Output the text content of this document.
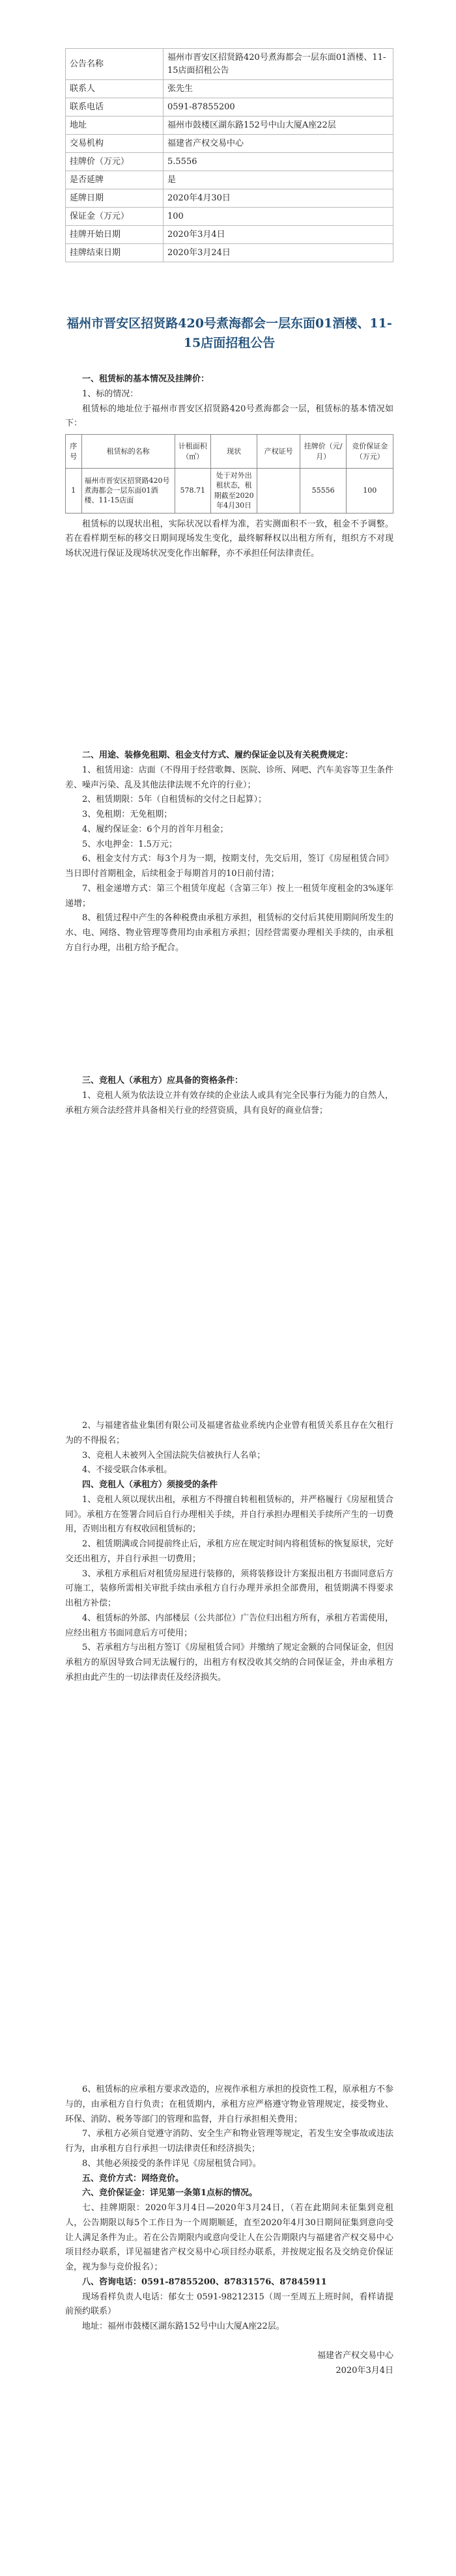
公告名称	福州市晋安区招贤路420号煮海都会一层东面01酒楼、11-15店面招租公告
联系人	张先生
联系电话	0591-87855200
地址	福州市鼓楼区湖东路152号中山大厦A座22层
交易机构	福建省产权交易中心
挂牌价（万元）	5.5556
是否延牌	是
延牌日期	2020年4月30日
保证金（万元）	100
挂牌开始日期	2020年3月4日
挂牌结束日期	2020年3月24日
福州市晋安区招贤路420号煮海都会一层东面01酒楼、11-15店面招租公告

一、租赁标的基本情况及挂牌价：

1、标的情况：

租赁标的地址位于福州市晋安区招贤路420号煮海都会一层，租赁标的基本情况如下：

序号	租赁标的名称	计租面积（㎡）	现状	产权证号	挂牌价（元/月）	竞价保证金（万元）
1	福州市晋安区招贤路420号煮海都会一层东面01酒楼、11-15店面	578.71	处于对外出租状态，租期截至2020年4月30日		55556	100

租赁标的以现状出租，实际状况以看样为准，若实测面积不一致，租金不予调整。若在看样期至标的移交日期间现场发生变化，最终解释权以出租方所有，组织方不对现场状况进行保证及现场状况变化作出解释，亦不承担任何法律责任。

二、用途、装修免租期、租金支付方式、履约保证金以及有关税费规定：

1、租赁用途：店面（不得用于经营歌舞、医院、诊所、网吧、汽车美容等卫生条件差、噪声污染、乱及其他法律法规不允许的行业）；

2、租赁期限：5年（自租赁标的交付之日起算）；

3、免租期：无免租期；

4、履约保证金：6个月的首年月租金；

5、水电押金：1.5万元；

6、租金支付方式：每3个月为一期，按期支付，先交后用，签订《房屋租赁合同》当日即付首期租金，后续租金于每期首月的10日前付清；

7、租金递增方式：第三个租赁年度起（含第三年）按上一租赁年度租金的3%逐年递增；

8、租赁过程中产生的各种税费由承租方承担，租赁标的交付后其使用期间所发生的水、电、网络、物业管理等费用均由承租方承担；因经营需要办理相关手续的，由承租方自行办理，出租方给予配合。

三、竞租人（承租方）应具备的资格条件：

1、竞租人须为依法设立并有效存续的企业法人或具有完全民事行为能力的自然人，承租方须合法经营并具备相关行业的经营资质，具有良好的商业信誉；

2、与福建省盐业集团有限公司及福建省盐业系统内企业曾有租赁关系且存在欠租行为的不得报名；

3、竞租人未被列入全国法院失信被执行人名单；

4、不接受联合体承租。

四、竞租人（承租方）须接受的条件

1、竞租人须以现状出租，承租方不得擅自转租租赁标的，并严格履行《房屋租赁合同》。承租方在签署合同后自行办理相关手续，并自行承担办理相关手续所产生的一切费用，否则出租方有权收回租赁标的；

2、租赁期满或合同提前终止后，承租方应在规定时间内将租赁标的恢复原状，完好交还出租方，并自行承担一切费用；

3、承租方承租后对租赁房屋进行装修的，须将装修设计方案报出租方书面同意后方可施工，装修所需相关审批手续由承租方自行办理并承担全部费用，租赁期满不得要求出租方补偿；

4、租赁标的外部、内部楼层（公共部位）广告位归出租方所有，承租方若需使用，应经出租方书面同意后方可使用；

5、若承租方与出租方签订《房屋租赁合同》并缴纳了规定金额的合同保证金，但因承租方的原因导致合同无法履行的，出租方有权没收其交纳的合同保证金，并由承租方承担由此产生的一切法律责任及经济损失。

6、租赁标的应承租方要求改造的，应视作承租方承担的投资性工程，原承租方不参与的，由承租方自行负责；在租赁期内，承租方应严格遵守物业管理规定，接受物业、环保、消防、税务等部门的管理和监督，并自行承担相关费用；

7、承租方必须自觉遵守消防、安全生产和物业管理等规定，若发生安全事故或违法行为，由承租方自行承担一切法律责任和经济损失；

8、其他必须接受的条件详见《房屋租赁合同》。

五、竞价方式：网络竞价。

六、竞价保证金：详见第一条第1点标的情况。

七、挂牌期限：2020年3月4日—2020年3月24日，（若在此期间未征集到竞租人，公告期限以每5个工作日为一个周期顺延，直至2020年4月30日期间征集到意向受让人满足条件为止。若在公告期限内或意向受让人在公告期限内与福建省产权交易中心项目经办联系，详见福建省产权交易中心项目经办联系，并按规定报名及交纳竞价保证金，视为参与竞价报名）；

八、咨询电话：0591-87855200、87831576、87845911

现场看样负责人电话：郁女士 0591-98212315（周一至周五上班时间，看样请提前预约联系）

地址：福州市鼓楼区湖东路152号中山大厦A座22层。

福建省产权交易中心

2020年3月4日
